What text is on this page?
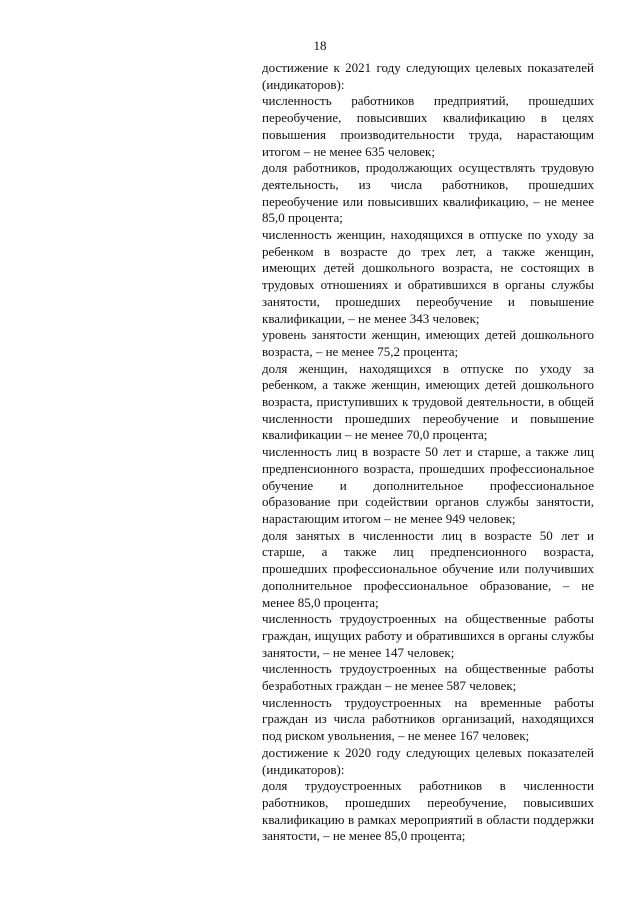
18

достижение к 2021 году следующих целевых показателей (индикаторов):

численность работников предприятий, прошедших переобучение, повысивших квалификацию в целях повышения производительности труда, нарастающим итогом – не менее 635 человек;

доля работников, продолжающих осуществлять трудовую деятельность, из числа работников, прошедших переобучение или повысивших квалификацию, – не менее 85,0 процента;

численность женщин, находящихся в отпуске по уходу за ребенком в возрасте до трех лет, а также женщин, имеющих детей дошкольного возраста, не состоящих в трудовых отношениях и обратившихся в органы службы занятости, прошедших переобучение и повышение квалификации, – не менее 343 человек;

уровень занятости женщин, имеющих детей дошкольного возраста, – не менее 75,2 процента;

доля женщин, находящихся в отпуске по уходу за ребенком, а также женщин, имеющих детей дошкольного возраста, приступивших к трудовой деятельности, в общей численности прошедших переобучение и повышение квалификации – не менее 70,0 процента;

численность лиц в возрасте 50 лет и старше, а также лиц предпенсионного возраста, прошедших профессиональное обучение и дополнительное профессиональное образование при содействии органов службы занятости, нарастающим итогом – не менее 949 человек;

доля занятых в численности лиц в возрасте 50 лет и старше, а также лиц предпенсионного возраста, прошедших профессиональное обучение или получивших дополнительное профессиональное образование, – не менее 85,0 процента;

численность трудоустроенных на общественные работы граждан, ищущих работу и обратившихся в органы службы занятости, – не менее 147 человек;

численность трудоустроенных на общественные работы безработных граждан – не менее 587 человек;

численность трудоустроенных на временные работы граждан из числа работников организаций, находящихся под риском увольнения, – не менее 167 человек;

достижение к 2020 году следующих целевых показателей (индикаторов):

доля трудоустроенных работников в численности работников, прошедших переобучение, повысивших квалификацию в рамках мероприятий в области поддержки занятости, – не менее 85,0 процента;
